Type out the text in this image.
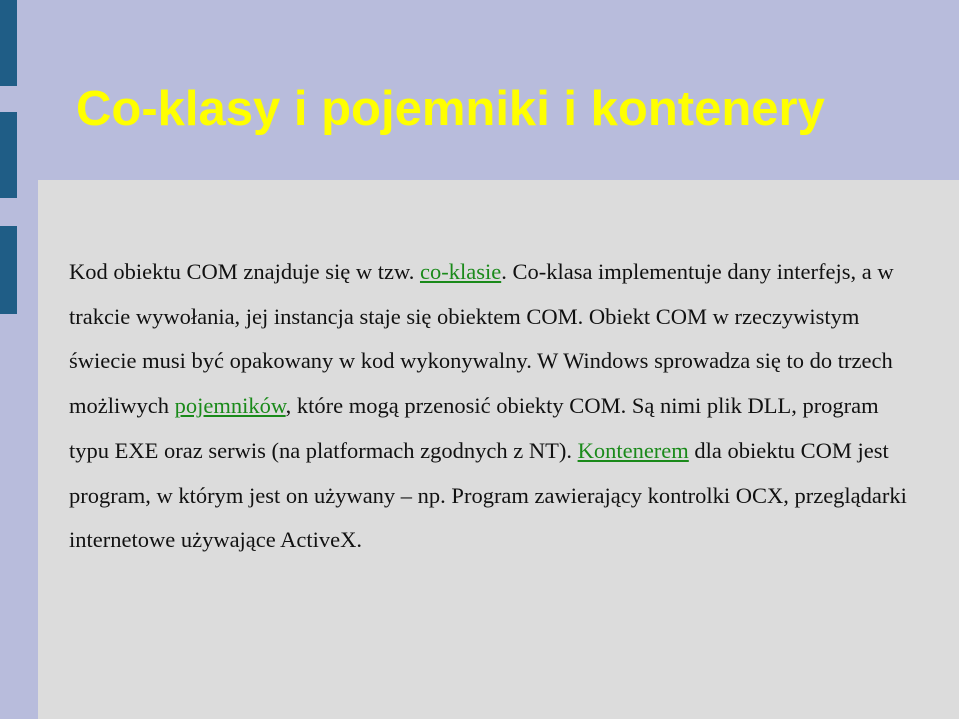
Co-klasy i pojemniki i kontenery

Kod obiektu COM znajduje się w tzw. co-klasie. Co-klasa implementuje dany interfejs, a w trakcie wywołania, jej instancja staje się obiektem COM. Obiekt COM w rzeczywistym świecie musi być opakowany w kod wykonywalny. W Windows sprowadza się to do trzech możliwych pojemników, które mogą przenosić obiekty COM. Są nimi plik DLL, program typu EXE oraz serwis (na platformach zgodnych z NT). Kontenerem dla obiektu COM jest program, w którym jest on używany – np. Program zawierający kontrolki OCX, przeglądarki internetowe używające ActiveX.
